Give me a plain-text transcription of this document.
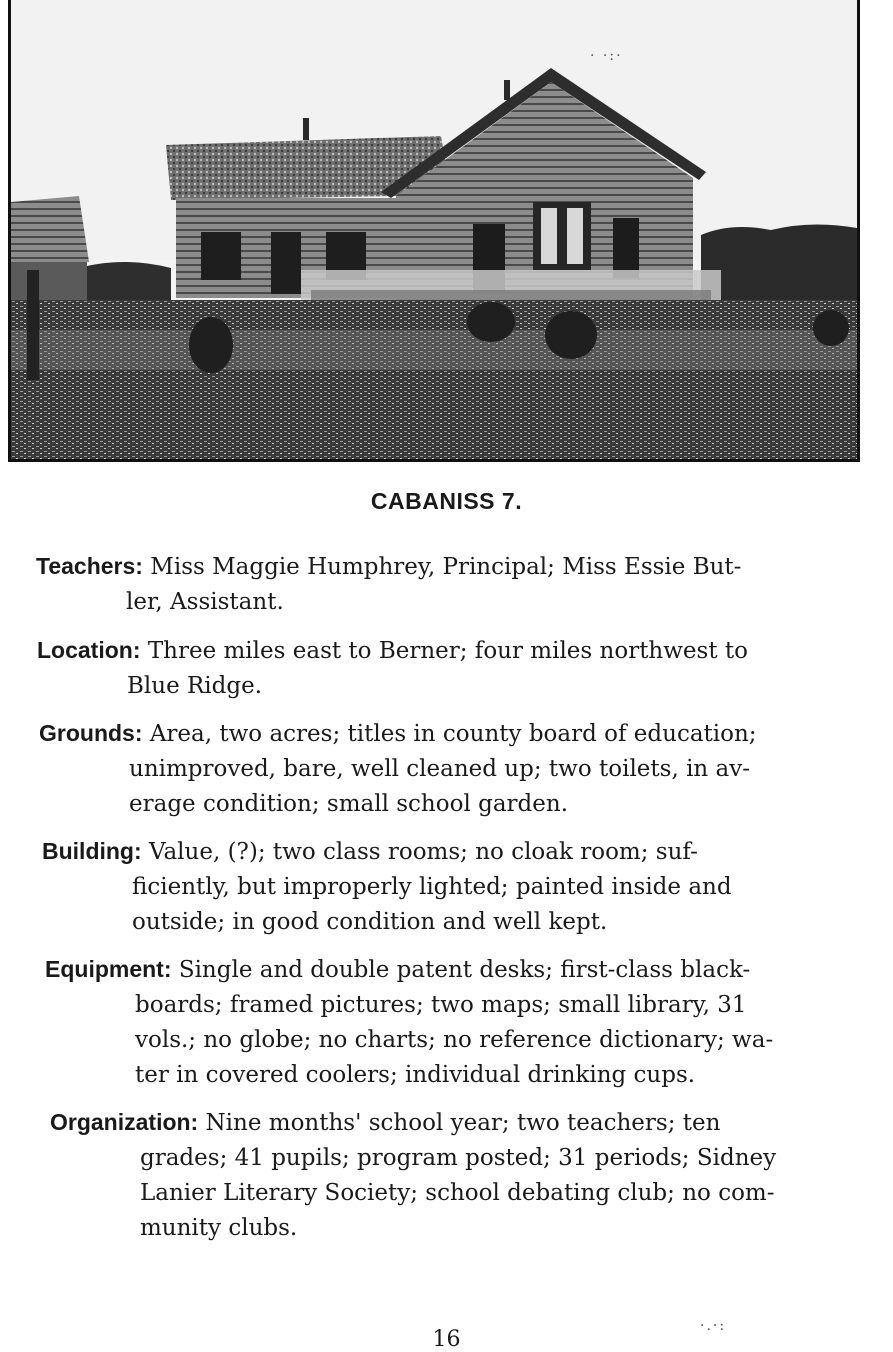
CABANISS 7.

Teachers: Miss Maggie Humphrey, Principal; Miss Essie But-
ler, Assistant.

Location: Three miles east to Berner; four miles northwest to
Blue Ridge.

Grounds: Area, two acres; titles in county board of education;
unimproved, bare, well cleaned up; two toilets, in av-
erage condition; small school garden.

Building: Value, (?); two class rooms; no cloak room; suf-
ficiently, but improperly lighted; painted inside and
outside; in good condition and well kept.

Equipment: Single and double patent desks; first-class black-
boards; framed pictures; two maps; small library, 31
vols.; no globe; no charts; no reference dictionary; wa-
ter in covered coolers; individual drinking cups.

Organization: Nine months' school year; two teachers; ten
grades; 41 pupils; program posted; 31 periods; Sidney
Lanier Literary Society; school debating club; no com-
munity clubs.

16
· ·:·
·.·:
